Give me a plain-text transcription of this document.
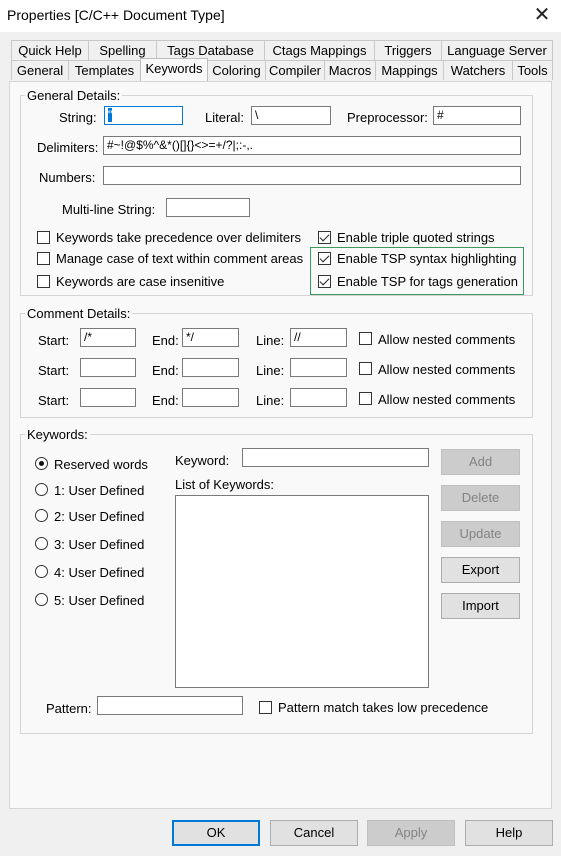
Properties [C/C++ Document Type]	✕
Quick Help	Spelling	Tags Database	Ctags Mappings	Triggers	Language Server
General Templates Keywords Coloring Compiler Macros Mappings	Watchers Tools
General Details:
String: "	Literal: \	Preprocessor: #
Delimiters: #~!@$%^&*()[]{}<>=+/?|;:-,.
Numbers:
Multi-line String:
Keywords take precedence over delimiters
Manage case of text within comment areas
Keywords are case insenitive
Enable triple quoted strings
Enable TSP syntax highlighting
Enable TSP for tags generation
Comment Details:
Start:	/*	End: */	Line: //	Allow nested comments
Start:	End:	Line:	Allow nested comments
Start:	End:	Line:	Allow nested comments
Keywords:
Reserved words
1: User Defined
2: User Defined
3: User Defined
4: User Defined
5: User Defined
Keyword:
List of Keywords:
Add
Delete
Update
Export
Import
Pattern:	Pattern match takes low precedence
OK	Cancel	Apply	Help
